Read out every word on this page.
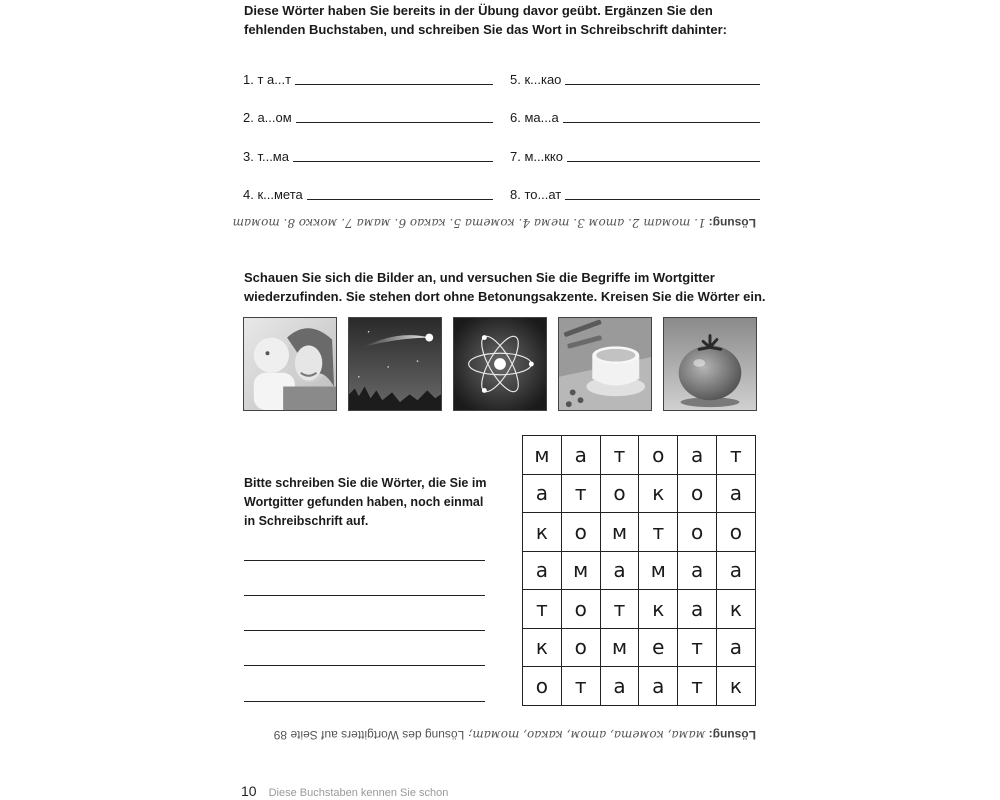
Diese Wörter haben Sie bereits in der Übung davor geübt. Ergänzen Sie den fehlenden Buchstaben, und schreiben Sie das Wort in Schreibschrift dahinter:
1. т а...т
2. а...ом
3. т...ма
4. к...мета
5. к...као
6. ма...а
7. м...кко
8. то...ат
Lösung:
1. томат 2. атом 3. тема 4. комета 5. какао 6. мама 7. мокко 8. томат
Schauen Sie sich die Bilder an, und versuchen Sie die Begriffe im Wortgitter wiederzufinden. Sie stehen dort ohne Betonungsakzente. Kreisen Sie die Wörter ein.
Bitte schreiben Sie die Wörter, die Sie im Wortgitter gefunden haben, noch einmal in Schreibschrift auf.
м	а	т	о	а	т
а	т	о	к	о	а
к	о	м	т	о	о
а	м	а	м	а	а
т	о	т	к	а	к
к	о	м	е	т	а
о	т	а	а	т	к
Lösung:
мама, комета, атом, какао, томат;
Lösung des Wortgitters auf Seite 89
10 Diese Buchstaben kennen Sie schon
